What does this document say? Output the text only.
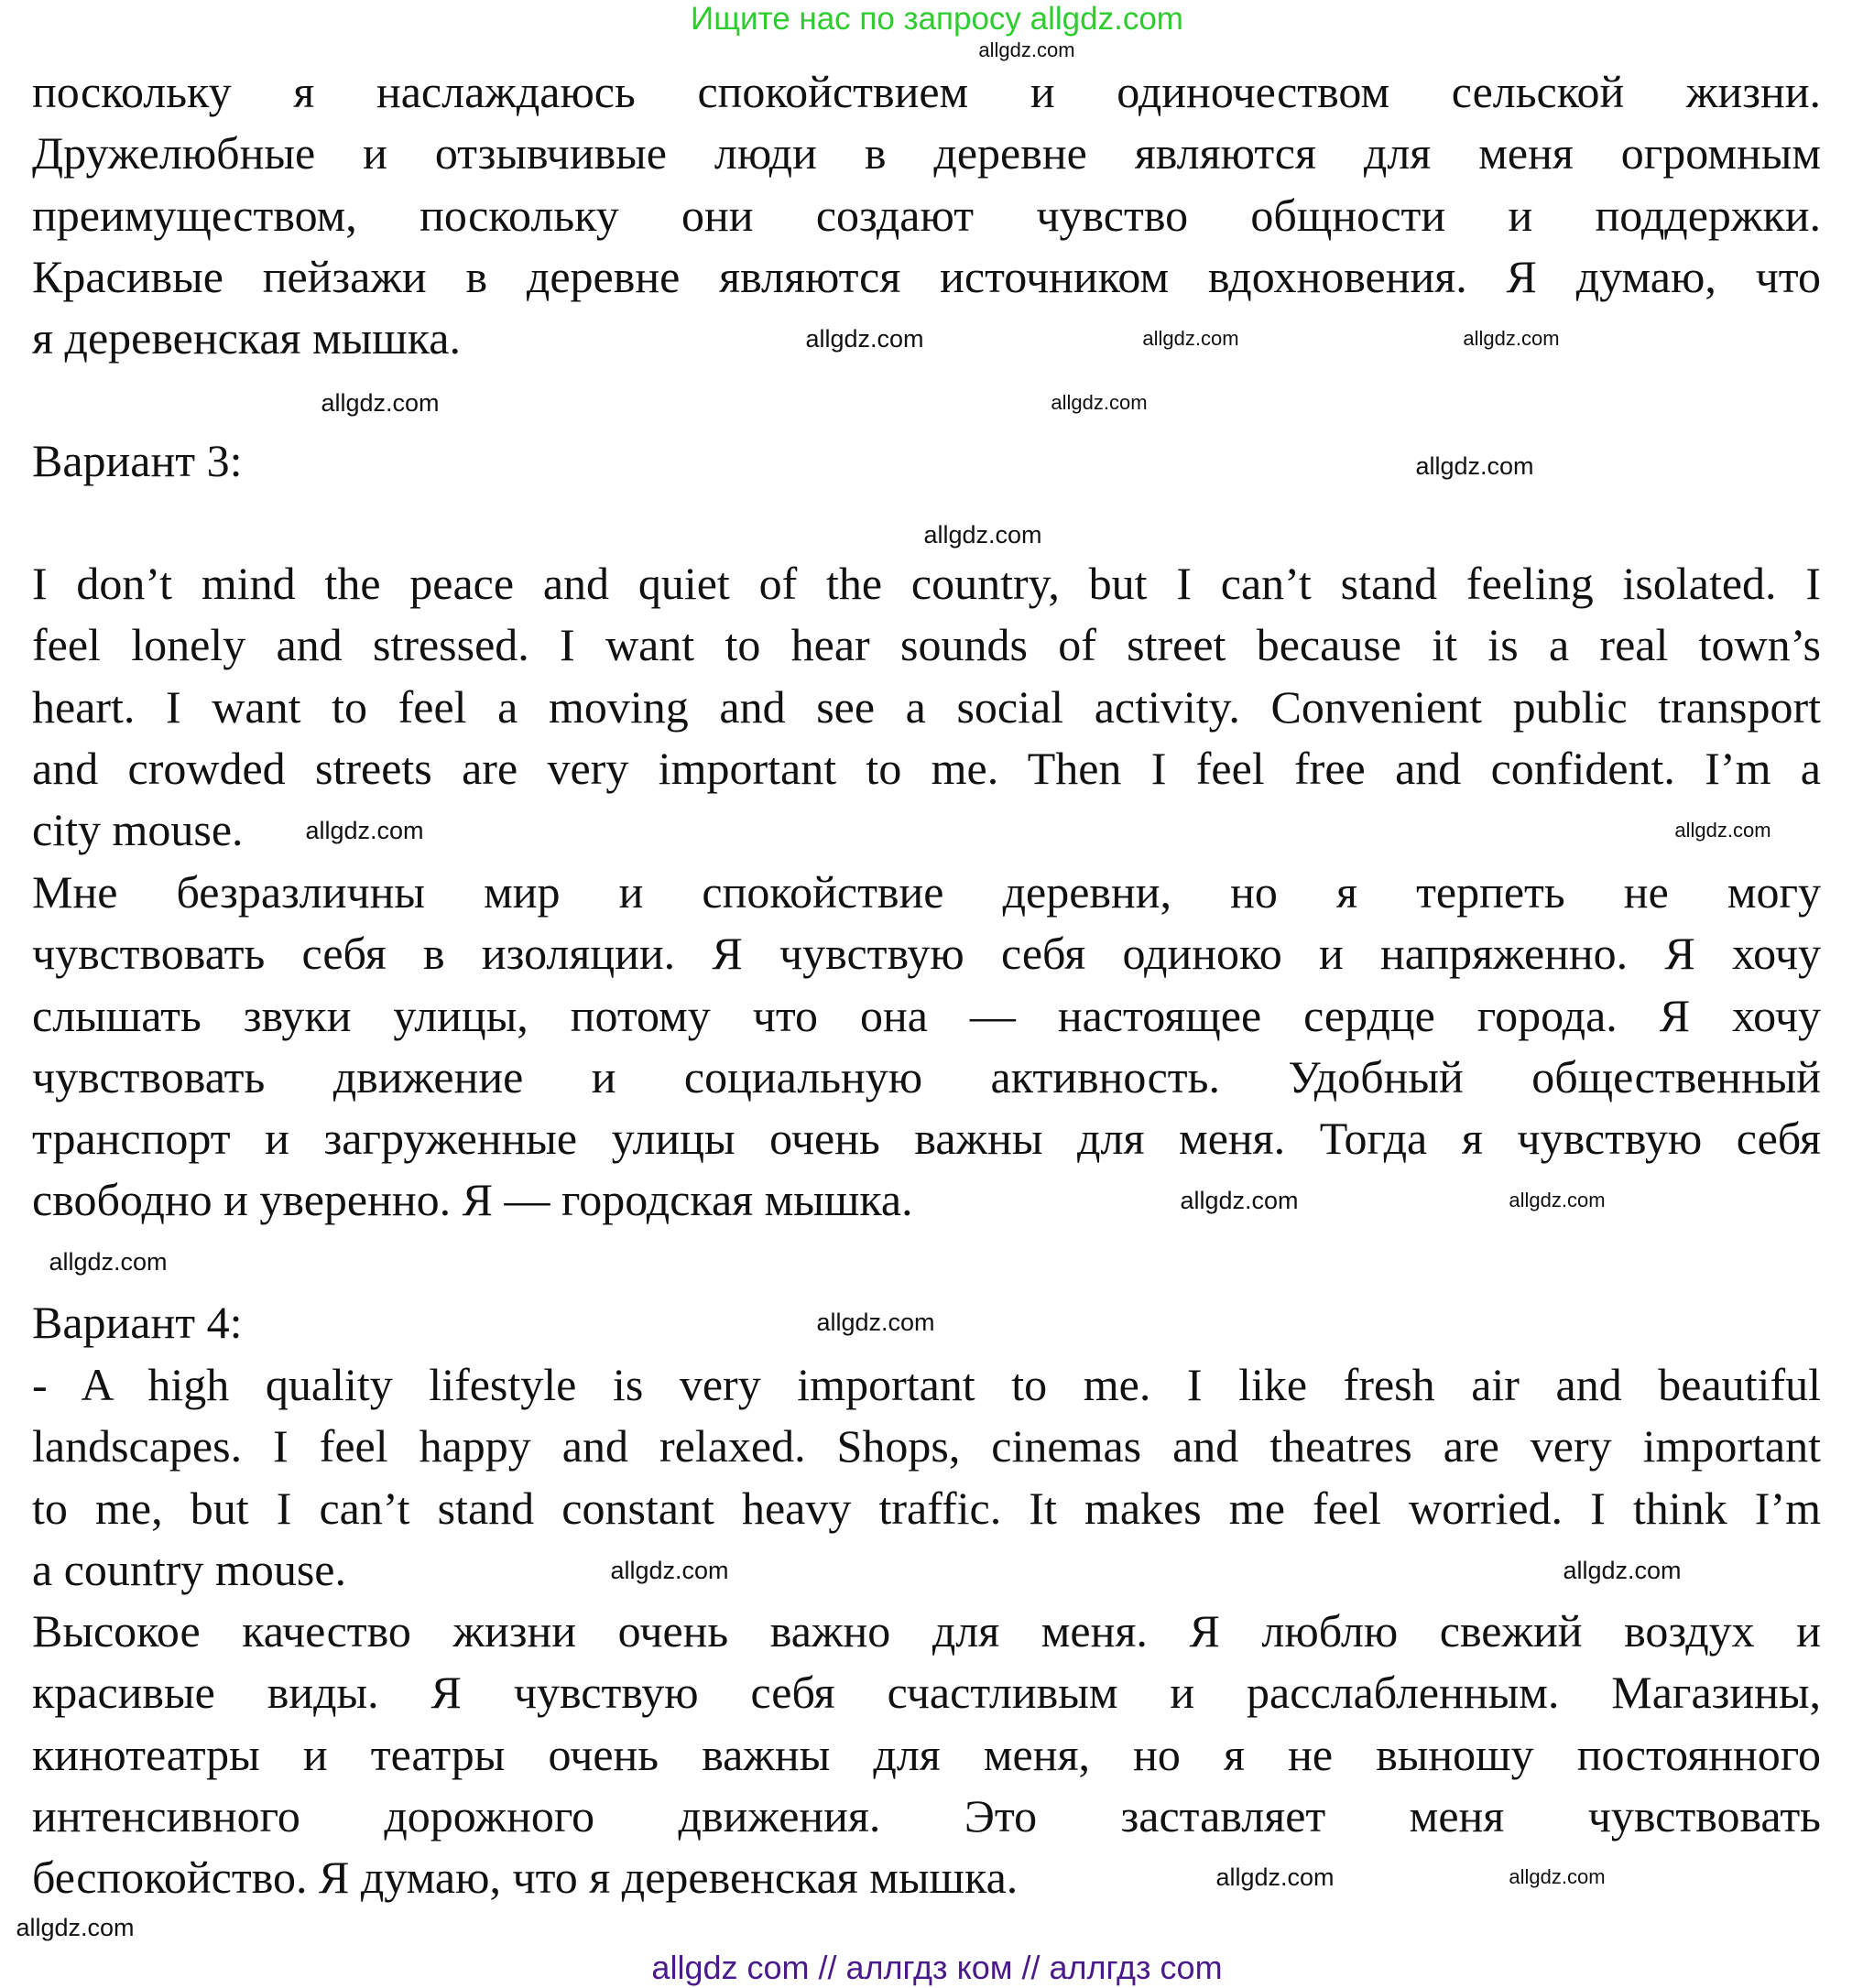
Ищите нас по запросу allgdz.com
поскольку я наслаждаюсь спокойствием и одиночеством сельской жизни.
Дружелюбные и отзывчивые люди в деревне являются для меня огромным
преимуществом, поскольку они создают чувство общности и поддержки.
Красивые пейзажи в деревне являются источником вдохновения. Я думаю, что
я деревенская мышка.
Вариант 3:
I don’t mind the peace and quiet of the country, but I can’t stand feeling isolated. I
feel lonely and stressed. I want to hear sounds of street because it is a real town’s
heart. I want to feel a moving and see a social activity. Convenient public transport
and crowded streets are very important to me. Then I feel free and confident. I’m a
city mouse.
Мне безразличны мир и спокойствие деревни, но я терпеть не могу
чувствовать себя в изоляции. Я чувствую себя одиноко и напряженно. Я хочу
слышать звуки улицы, потому что она — настоящее сердце города. Я хочу
чувствовать движение и социальную активность. Удобный общественный
транспорт и загруженные улицы очень важны для меня. Тогда я чувствую себя
свободно и уверенно. Я — городская мышка.
Вариант 4:
- A high quality lifestyle is very important to me. I like fresh air and beautiful
landscapes. I feel happy and relaxed. Shops, cinemas and theatres are very important
to me, but I can’t stand constant heavy traffic. It makes me feel worried. I think I’m
a country mouse.
Высокое качество жизни очень важно для меня. Я люблю свежий воздух и
красивые виды. Я чувствую себя счастливым и расслабленным. Магазины,
кинотеатры и театры очень важны для меня, но я не выношу постоянного
интенсивного дорожного движения. Это заставляет меня чувствовать
беспокойство. Я думаю, что я деревенская мышка.
allgdz.com
allgdz.com	allgdz.com
allgdz.com
allgdz.com
allgdz.com
allgdz.com
allgdz.com
allgdz.com
allgdz.com
allgdz.com
allgdz.com
allgdz.com
allgdz.com
allgdz.com	allgdz.com
allgdz.com
allgdz.com
allgdz.com
allgdz com // аллгдз ком // аллгдз com
